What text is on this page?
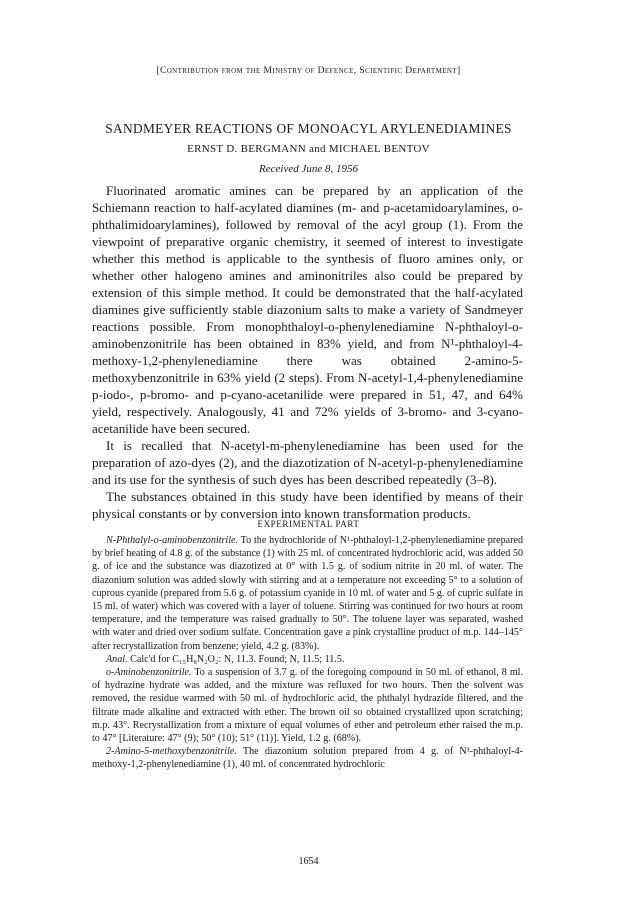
[Contribution from the Ministry of Defence, Scientific Department]
SANDMEYER REACTIONS OF MONOACYL ARYLENEDIAMINES
ERNST D. BERGMANN and MICHAEL BENTOV
Received June 8, 1956

Fluorinated aromatic amines can be prepared by an application of the Schiemann reaction to half-acylated diamines (m- and p-acetamidoarylamines, o-phthalimidoarylamines), followed by removal of the acyl group (1). From the viewpoint of preparative organic chemistry, it seemed of interest to investigate whether this method is applicable to the synthesis of fluoro amines only, or whether other halogeno amines and aminonitriles also could be prepared by extension of this simple method. It could be demonstrated that the half-acylated diamines give sufficiently stable diazonium salts to make a variety of Sandmeyer reactions possible. From monophthaloyl-o-phenylenediamine N-phthaloyl-o-aminobenzonitrile has been obtained in 83% yield, and from N¹-phthaloyl-4-methoxy-1,2-phenylenediamine there was obtained 2-amino-5-methoxybenzonitrile in 63% yield (2 steps). From N-acetyl-1,4-phenylenediamine p-iodo-, p-bromo- and p-cyano-acetanilide were prepared in 51, 47, and 64% yield, respectively. Analogously, 41 and 72% yields of 3-bromo- and 3-cyano-acetanilide have been secured.

It is recalled that N-acetyl-m-phenylenediamine has been used for the preparation of azo-dyes (2), and the diazotization of N-acetyl-p-phenylenediamine and its use for the synthesis of such dyes has been described repeatedly (3–8).

The substances obtained in this study have been identified by means of their physical constants or by conversion into known transformation products.

EXPERIMENTAL PART

N-Phthalyl-o-aminobenzonitrile. To the hydrochloride of N¹-phthaloyl-1,2-phenylenediamine prepared by brief heating of 4.8 g. of the substance (1) with 25 ml. of concentrated hydrochloric acid, was added 50 g. of ice and the substance was diazotized at 0° with 1.5 g. of sodium nitrite in 20 ml. of water. The diazonium solution was added slowly with stirring and at a temperature not exceeding 5° to a solution of cuprous cyanide (prepared from 5.6 g. of potassium cyanide in 10 ml. of water and 5 g. of cupric sulfate in 15 ml. of water) which was covered with a layer of toluene. Stirring was continued for two hours at room temperature, and the temperature was raised gradually to 50°. The toluene layer was separated, washed with water and dried over sodium sulfate. Concentration gave a pink crystalline product of m.p. 144–145° after recrystallization from benzene; yield, 4.2 g. (83%).

Anal. Calc'd for C₁₅H₈N₂O₂: N, 11.3. Found; N, 11.5; 11.5.

o-Aminobenzonitrile. To a suspension of 3.7 g. of the foregoing compound in 50 ml. of ethanol, 8 ml. of hydrazine hydrate was added, and the mixture was refluxed for two hours. Then the solvent was removed, the residue warmed with 50 ml. of hydrochloric acid, the phthalyl hydrazide filtered, and the filtrate made alkaline and extracted with ether. The brown oil so obtained crystallized upon scratching; m.p. 43°. Recrystallization from a mixture of equal volumes of ether and petroleum ether raised the m.p. to 47° [Literature: 47° (9); 50° (10); 51° (11)]. Yield, 1.2 g. (68%).

2-Amino-5-methoxybenzonitrile. The diazonium solution prepared from 4 g. of N¹-phthaloyl-4-methoxy-1,2-phenylenediamine (1), 40 ml. of concentrated hydrochloric

1654
